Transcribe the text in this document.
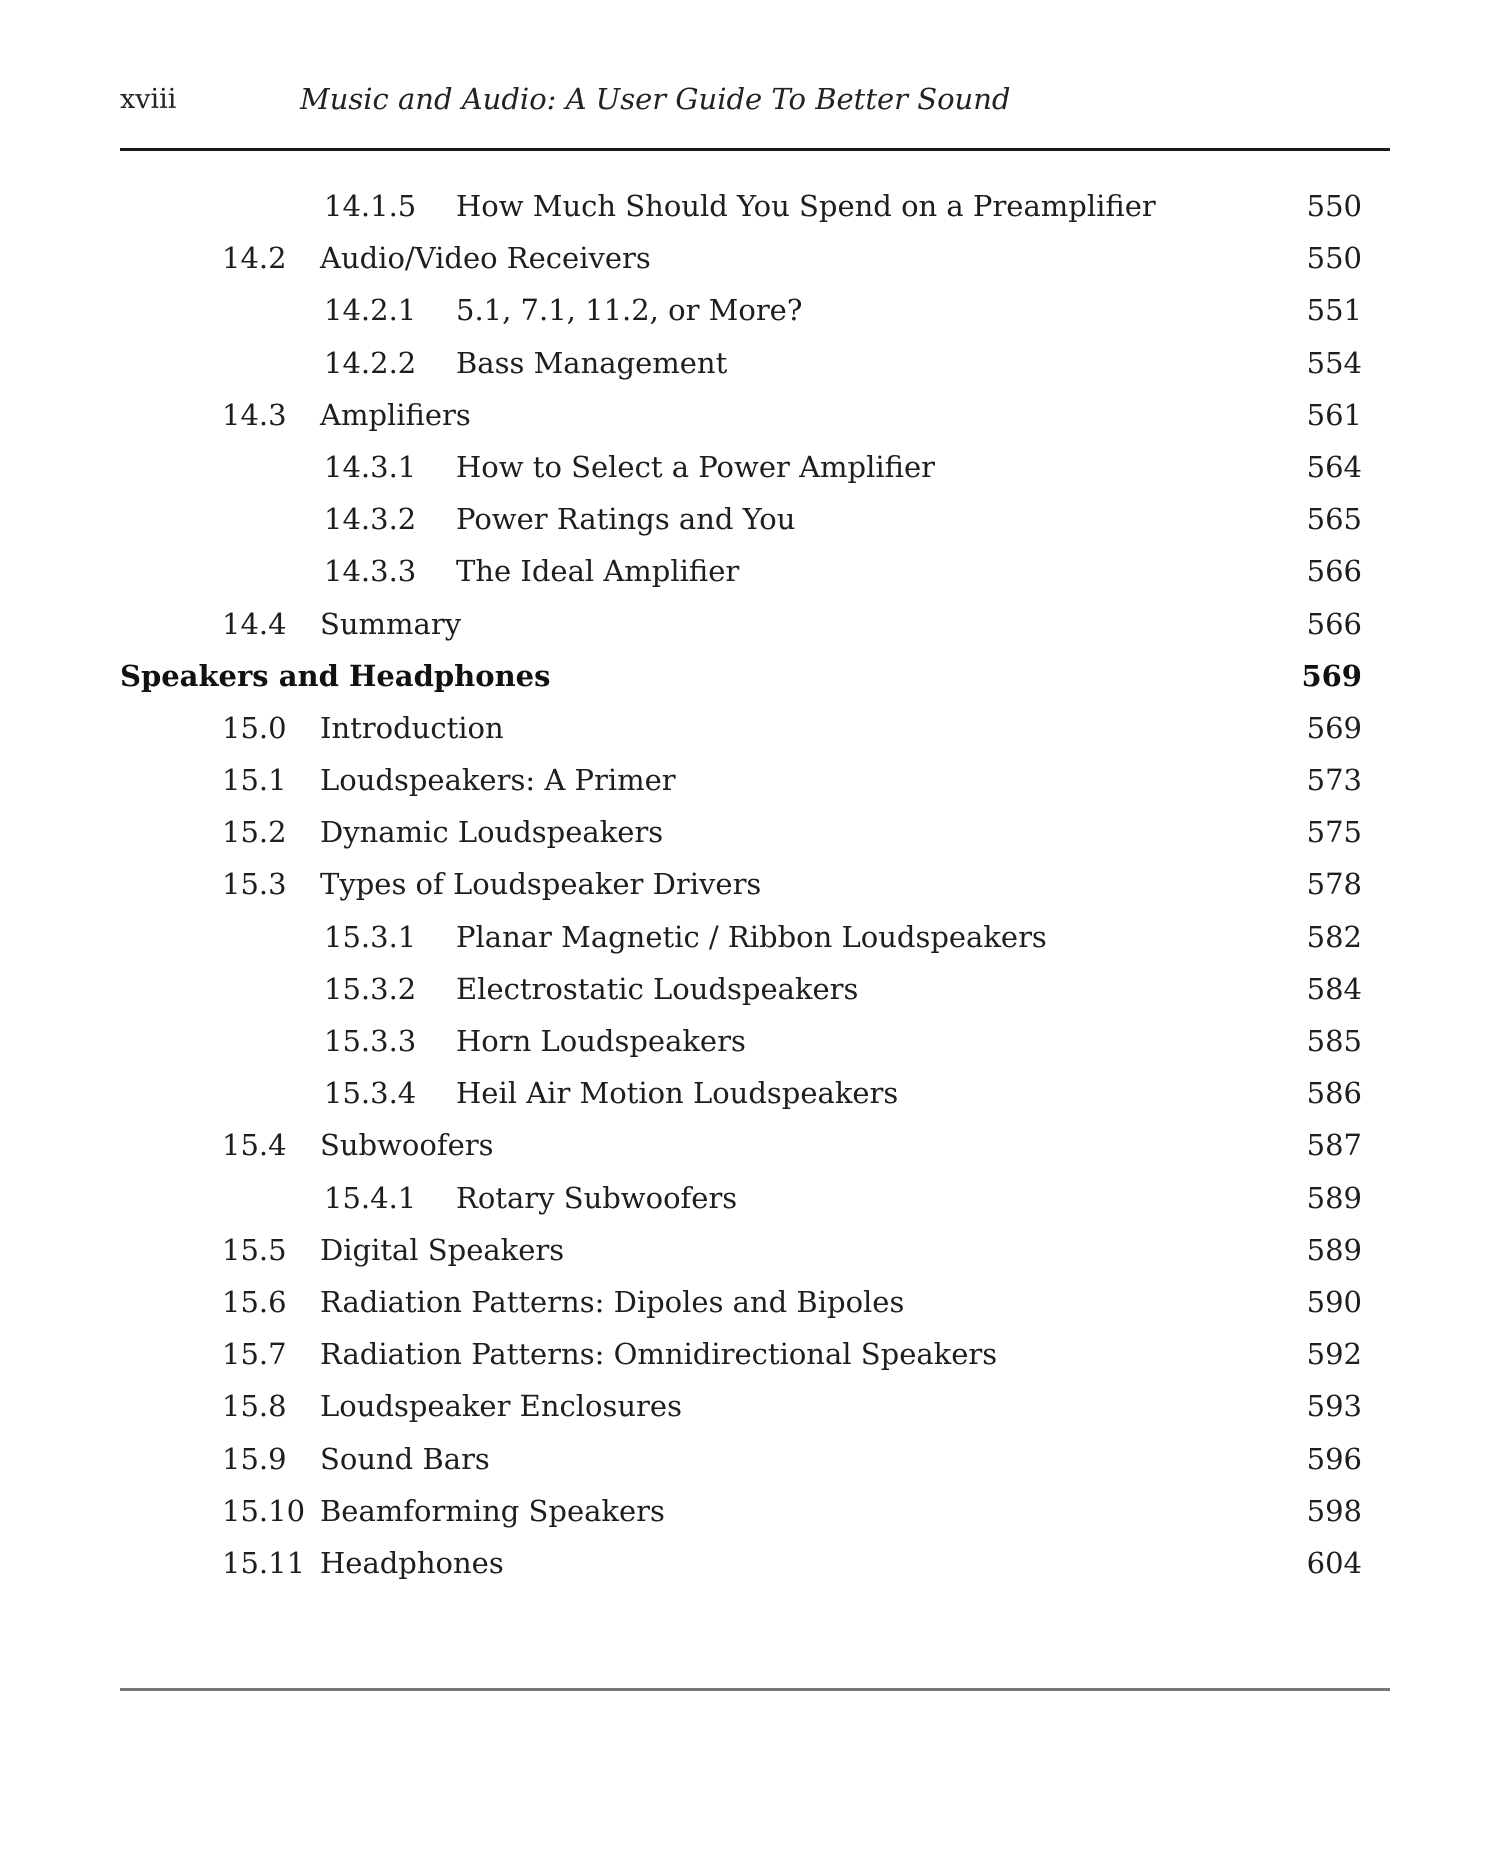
xviii	Music and Audio: A User Guide To Better Sound
14.1.5 How Much Should You Spend on a Preamplifier	550
14.2 Audio/Video Receivers	550
14.2.1 5.1, 7.1, 11.2, or More?	551
14.2.2 Bass Management	554
14.3 Amplifiers	561
14.3.1 How to Select a Power Amplifier	564
14.3.2 Power Ratings and You	565
14.3.3 The Ideal Amplifier	566
14.4 Summary	566
Speakers and Headphones	569
15.0 Introduction	569
15.1 Loudspeakers: A Primer	573
15.2 Dynamic Loudspeakers	575
15.3 Types of Loudspeaker Drivers	578
15.3.1 Planar Magnetic / Ribbon Loudspeakers	582
15.3.2 Electrostatic Loudspeakers	584
15.3.3 Horn Loudspeakers	585
15.3.4 Heil Air Motion Loudspeakers	586
15.4 Subwoofers	587
15.4.1 Rotary Subwoofers	589
15.5 Digital Speakers	589
15.6 Radiation Patterns: Dipoles and Bipoles	590
15.7 Radiation Patterns: Omnidirectional Speakers	592
15.8 Loudspeaker Enclosures	593
15.9 Sound Bars	596
15.10 Beamforming Speakers	598
15.11 Headphones	604
